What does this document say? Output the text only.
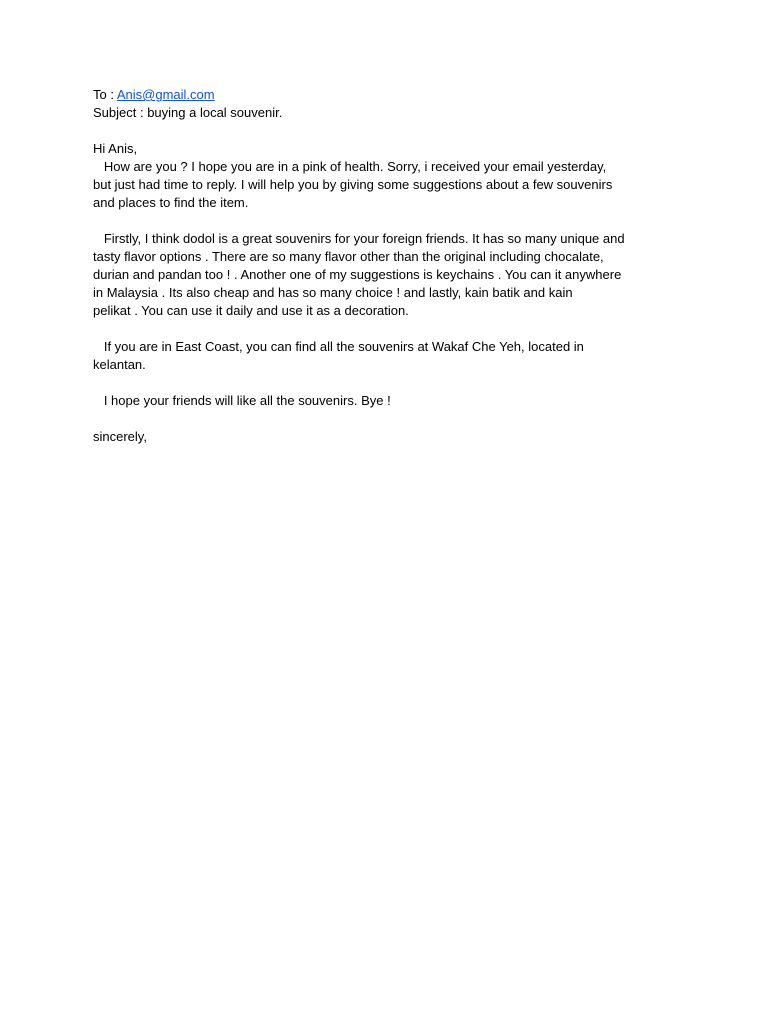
To : Anis@gmail.com
Subject : buying a local souvenir.
Hi Anis,
How are you ? I hope you are in a pink of health. Sorry, i received your email yesterday,
but just had time to reply. I will help you by giving some suggestions about a few souvenirs
and places to find the item.
Firstly, I think dodol is a great souvenirs for your foreign friends. It has so many unique and
tasty flavor options . There are so many flavor other than the original including chocalate,
durian and pandan too ! . Another one of my suggestions is keychains . You can it anywhere
in Malaysia . Its also cheap and has so many choice ! and lastly, kain batik and kain
pelikat . You can use it daily and use it as a decoration.
If you are in East Coast, you can find all the souvenirs at Wakaf Che Yeh, located in
kelantan.
I hope your friends will like all the souvenirs. Bye !
sincerely,
